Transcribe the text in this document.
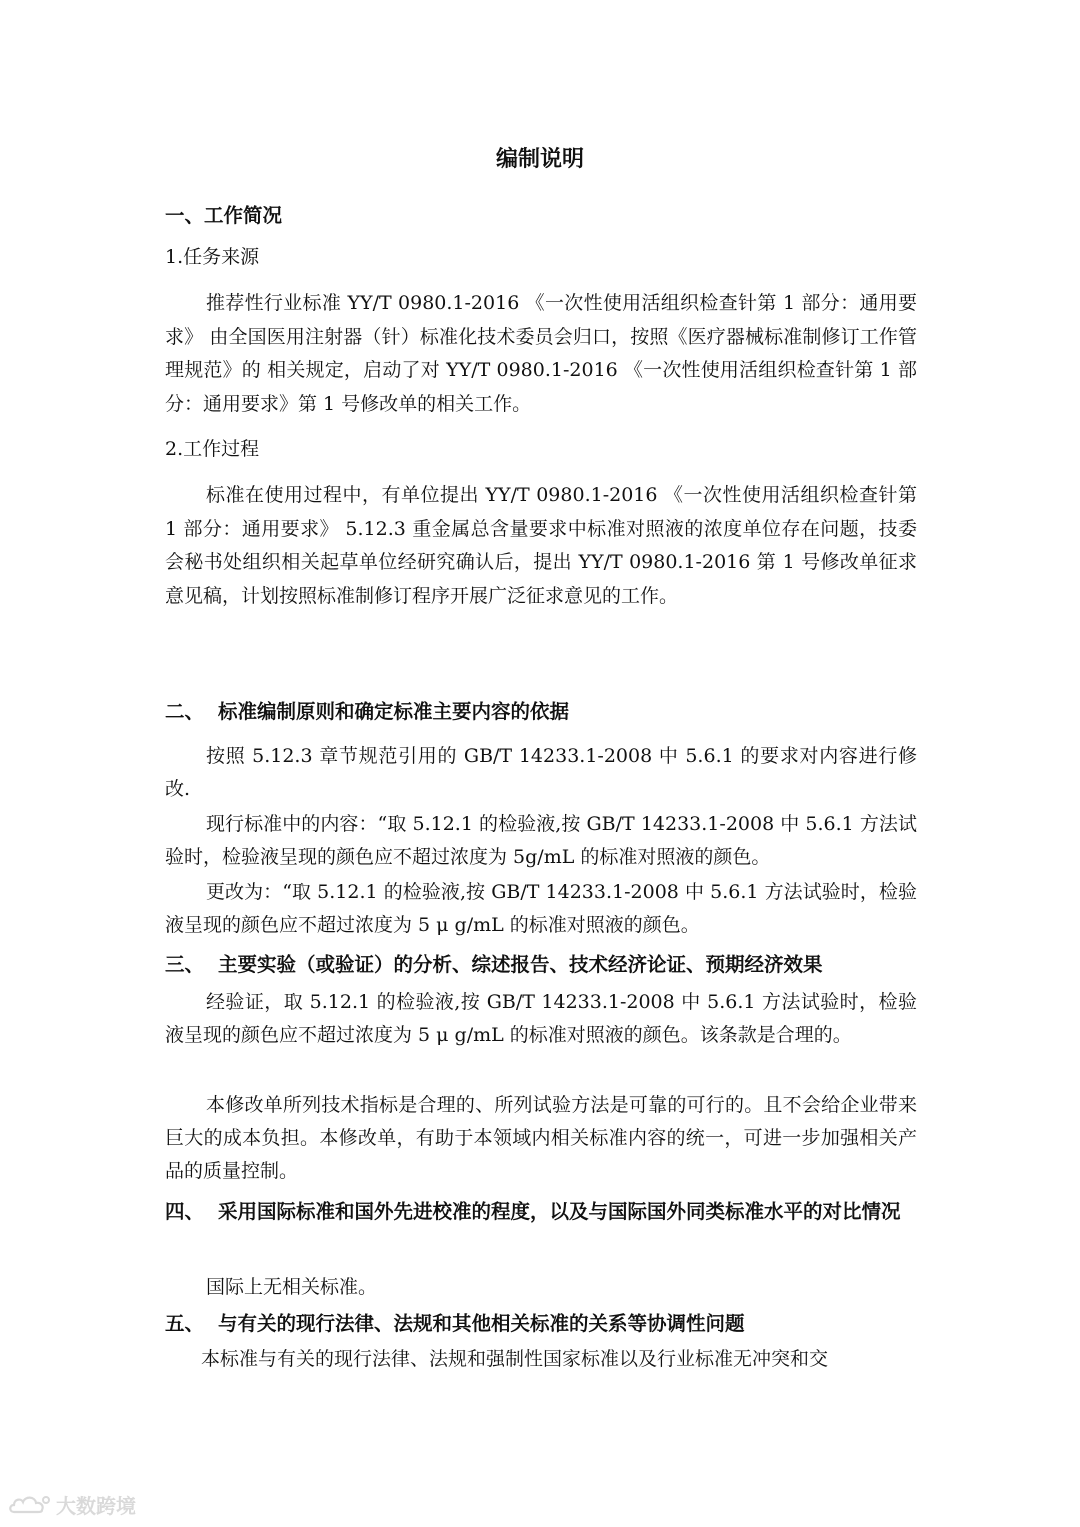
编制说明
一、工作简况
1.任务来源

推荐性行业标准 YY/T 0980.1-2016 《一次性使用活组织检查针第 1 部分：通用要求》 由全国医用注射器（针）标准化技术委员会归口，按照《医疗器械标准制修订工作管理规范》的 相关规定，启动了对 YY/T 0980.1-2016 《一次性使用活组织检查针第 1 部分：通用要求》第 1 号修改单的相关工作。

2.工作过程

标准在使用过程中，有单位提出 YY/T 0980.1-2016 《一次性使用活组织检查针第 1 部分：通用要求》 5.12.3 重金属总含量要求中标准对照液的浓度单位存在问题，技委会秘书处组织相关起草单位经研究确认后，提出 YY/T 0980.1-2016 第 1 号修改单征求意见稿，计划按照标准制修订程序开展广泛征求意见的工作。

二、 标准编制原则和确定标准主要内容的依据

按照 5.12.3 章节规范引用的 GB/T 14233.1-2008 中 5.6.1 的要求对内容进行修改.

现行标准中的内容：“取 5.12.1 的检验液,按 GB/T 14233.1-2008 中 5.6.1 方法试验时，检验液呈现的颜色应不超过浓度为 5g/mL 的标准对照液的颜色。

更改为：“取 5.12.1 的检验液,按 GB/T 14233.1-2008 中 5.6.1 方法试验时，检验液呈现的颜色应不超过浓度为 5 μ g/mL 的标准对照液的颜色。

三、 主要实验（或验证）的分析、综述报告、技术经济论证、预期经济效果

经验证，取 5.12.1 的检验液,按 GB/T 14233.1-2008 中 5.6.1 方法试验时，检验液呈现的颜色应不超过浓度为 5 μ g/mL 的标准对照液的颜色。该条款是合理的。

本修改单所列技术指标是合理的、所列试验方法是可靠的可行的。且不会给企业带来巨大的成本负担。本修改单，有助于本领域内相关标准内容的统一，可进一步加强相关产品的质量控制。

四、 采用国际标准和国外先进校准的程度，以及与国际国外同类标准水平的对比情况

国际上无相关标准。

五、 与有关的现行法律、法规和其他相关标准的关系等协调性问题

本标准与有关的现行法律、法规和强制性国家标准以及行业标准无冲突和交

大数跨境
